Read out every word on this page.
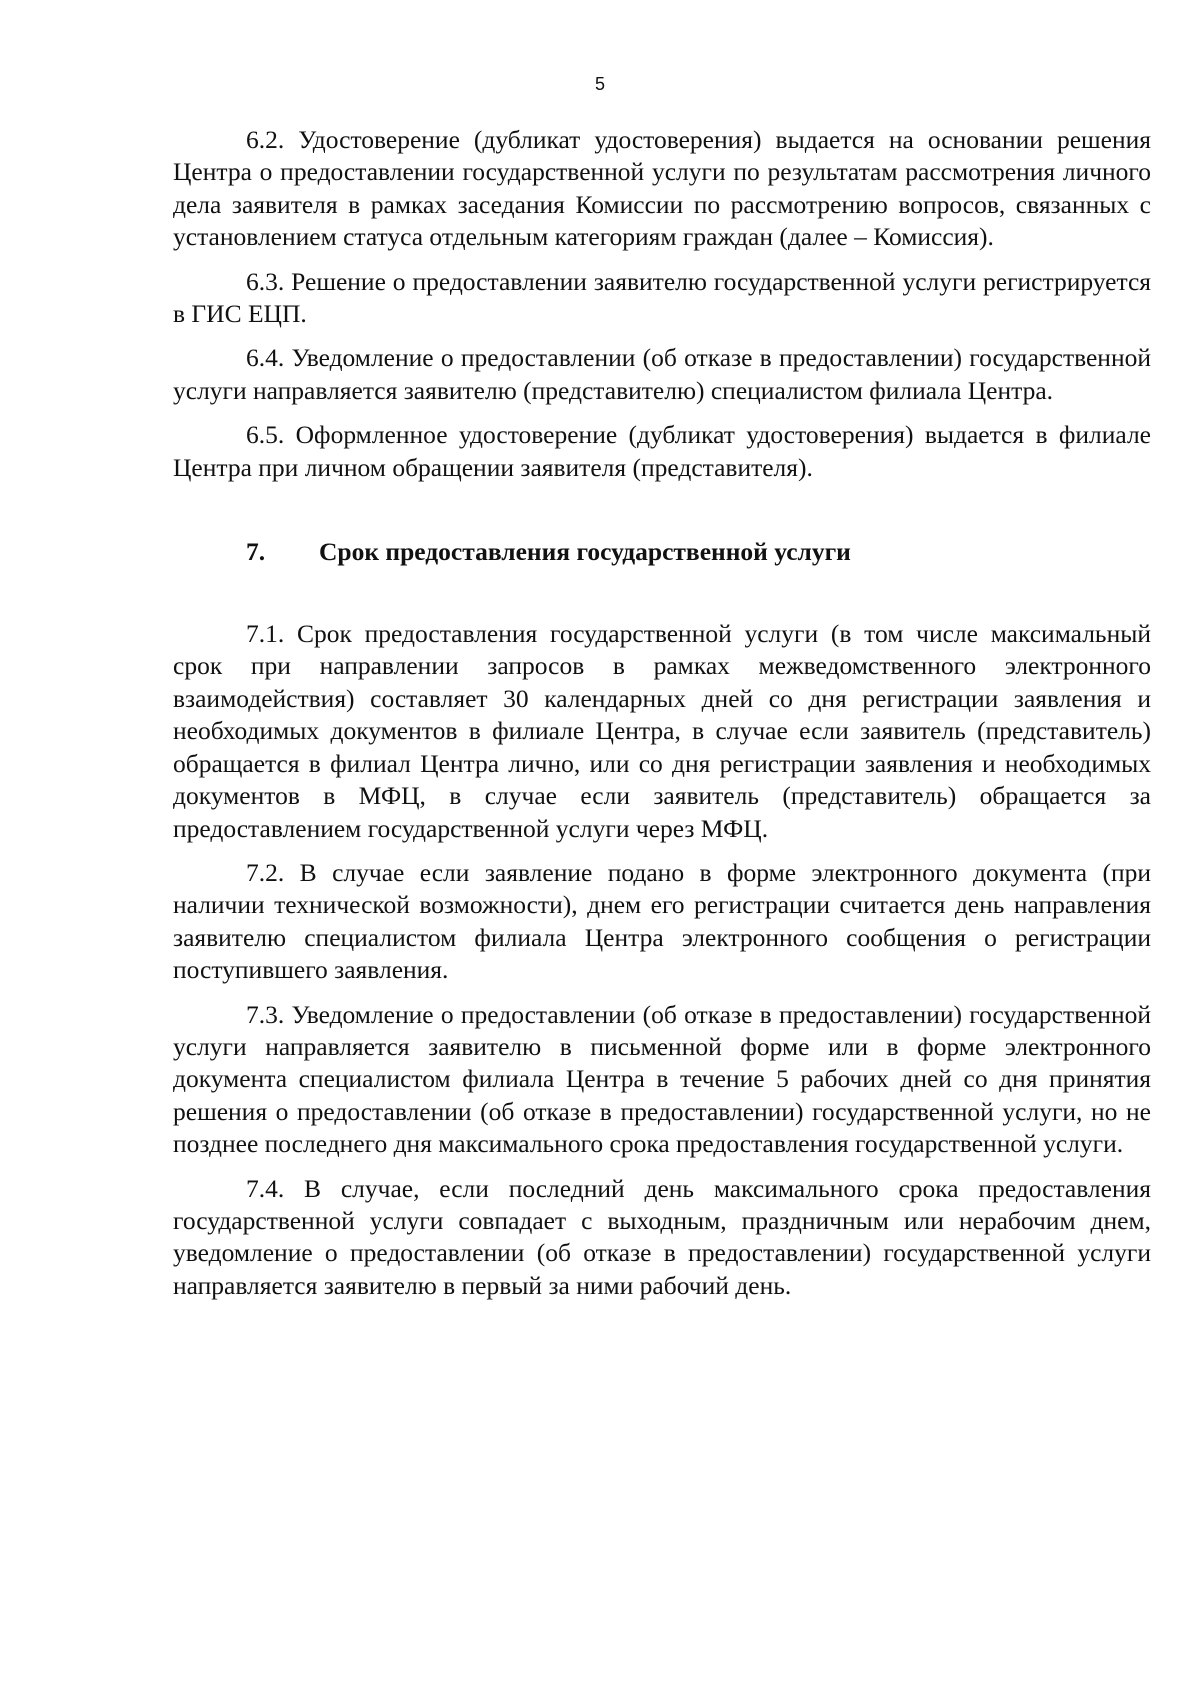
5

6.2. Удостоверение (дубликат удостоверения) выдается на основании решения Центра о предоставлении государственной услуги по результатам рассмотрения личного дела заявителя в рамках заседания Комиссии по рассмотрению вопросов, связанных с установлением статуса отдельным категориям граждан (далее – Комиссия).

6.3. Решение о предоставлении заявителю государственной услуги регистрируется в ГИС ЕЦП.

6.4. Уведомление о предоставлении (об отказе в предоставлении) государственной услуги направляется заявителю (представителю) специалистом филиала Центра.

6.5. Оформленное удостоверение (дубликат удостоверения) выдается в филиале Центра при личном обращении заявителя (представителя).

7. Срок предоставления государственной услуги

7.1. Срок предоставления государственной услуги (в том числе максимальный срок при направлении запросов в рамках межведомственного электронного взаимодействия) составляет 30 календарных дней со дня регистрации заявления и необходимых документов в филиале Центра, в случае если заявитель (представитель) обращается в филиал Центра лично, или со дня регистрации заявления и необходимых документов в МФЦ, в случае если заявитель (представитель) обращается за предоставлением государственной услуги через МФЦ.

7.2. В случае если заявление подано в форме электронного документа (при наличии технической возможности), днем его регистрации считается день направления заявителю специалистом филиала Центра электронного сообщения о регистрации поступившего заявления.

7.3. Уведомление о предоставлении (об отказе в предоставлении) государственной услуги направляется заявителю в письменной форме или в форме электронного документа специалистом филиала Центра в течение 5 рабочих дней со дня принятия решения о предоставлении (об отказе в предоставлении) государственной услуги, но не позднее последнего дня максимального срока предоставления государственной услуги.

7.4. В случае, если последний день максимального срока предоставления государственной услуги совпадает с выходным, праздничным или нерабочим днем, уведомление о предоставлении (об отказе в предоставлении) государственной услуги направляется заявителю в первый за ними рабочий день.
